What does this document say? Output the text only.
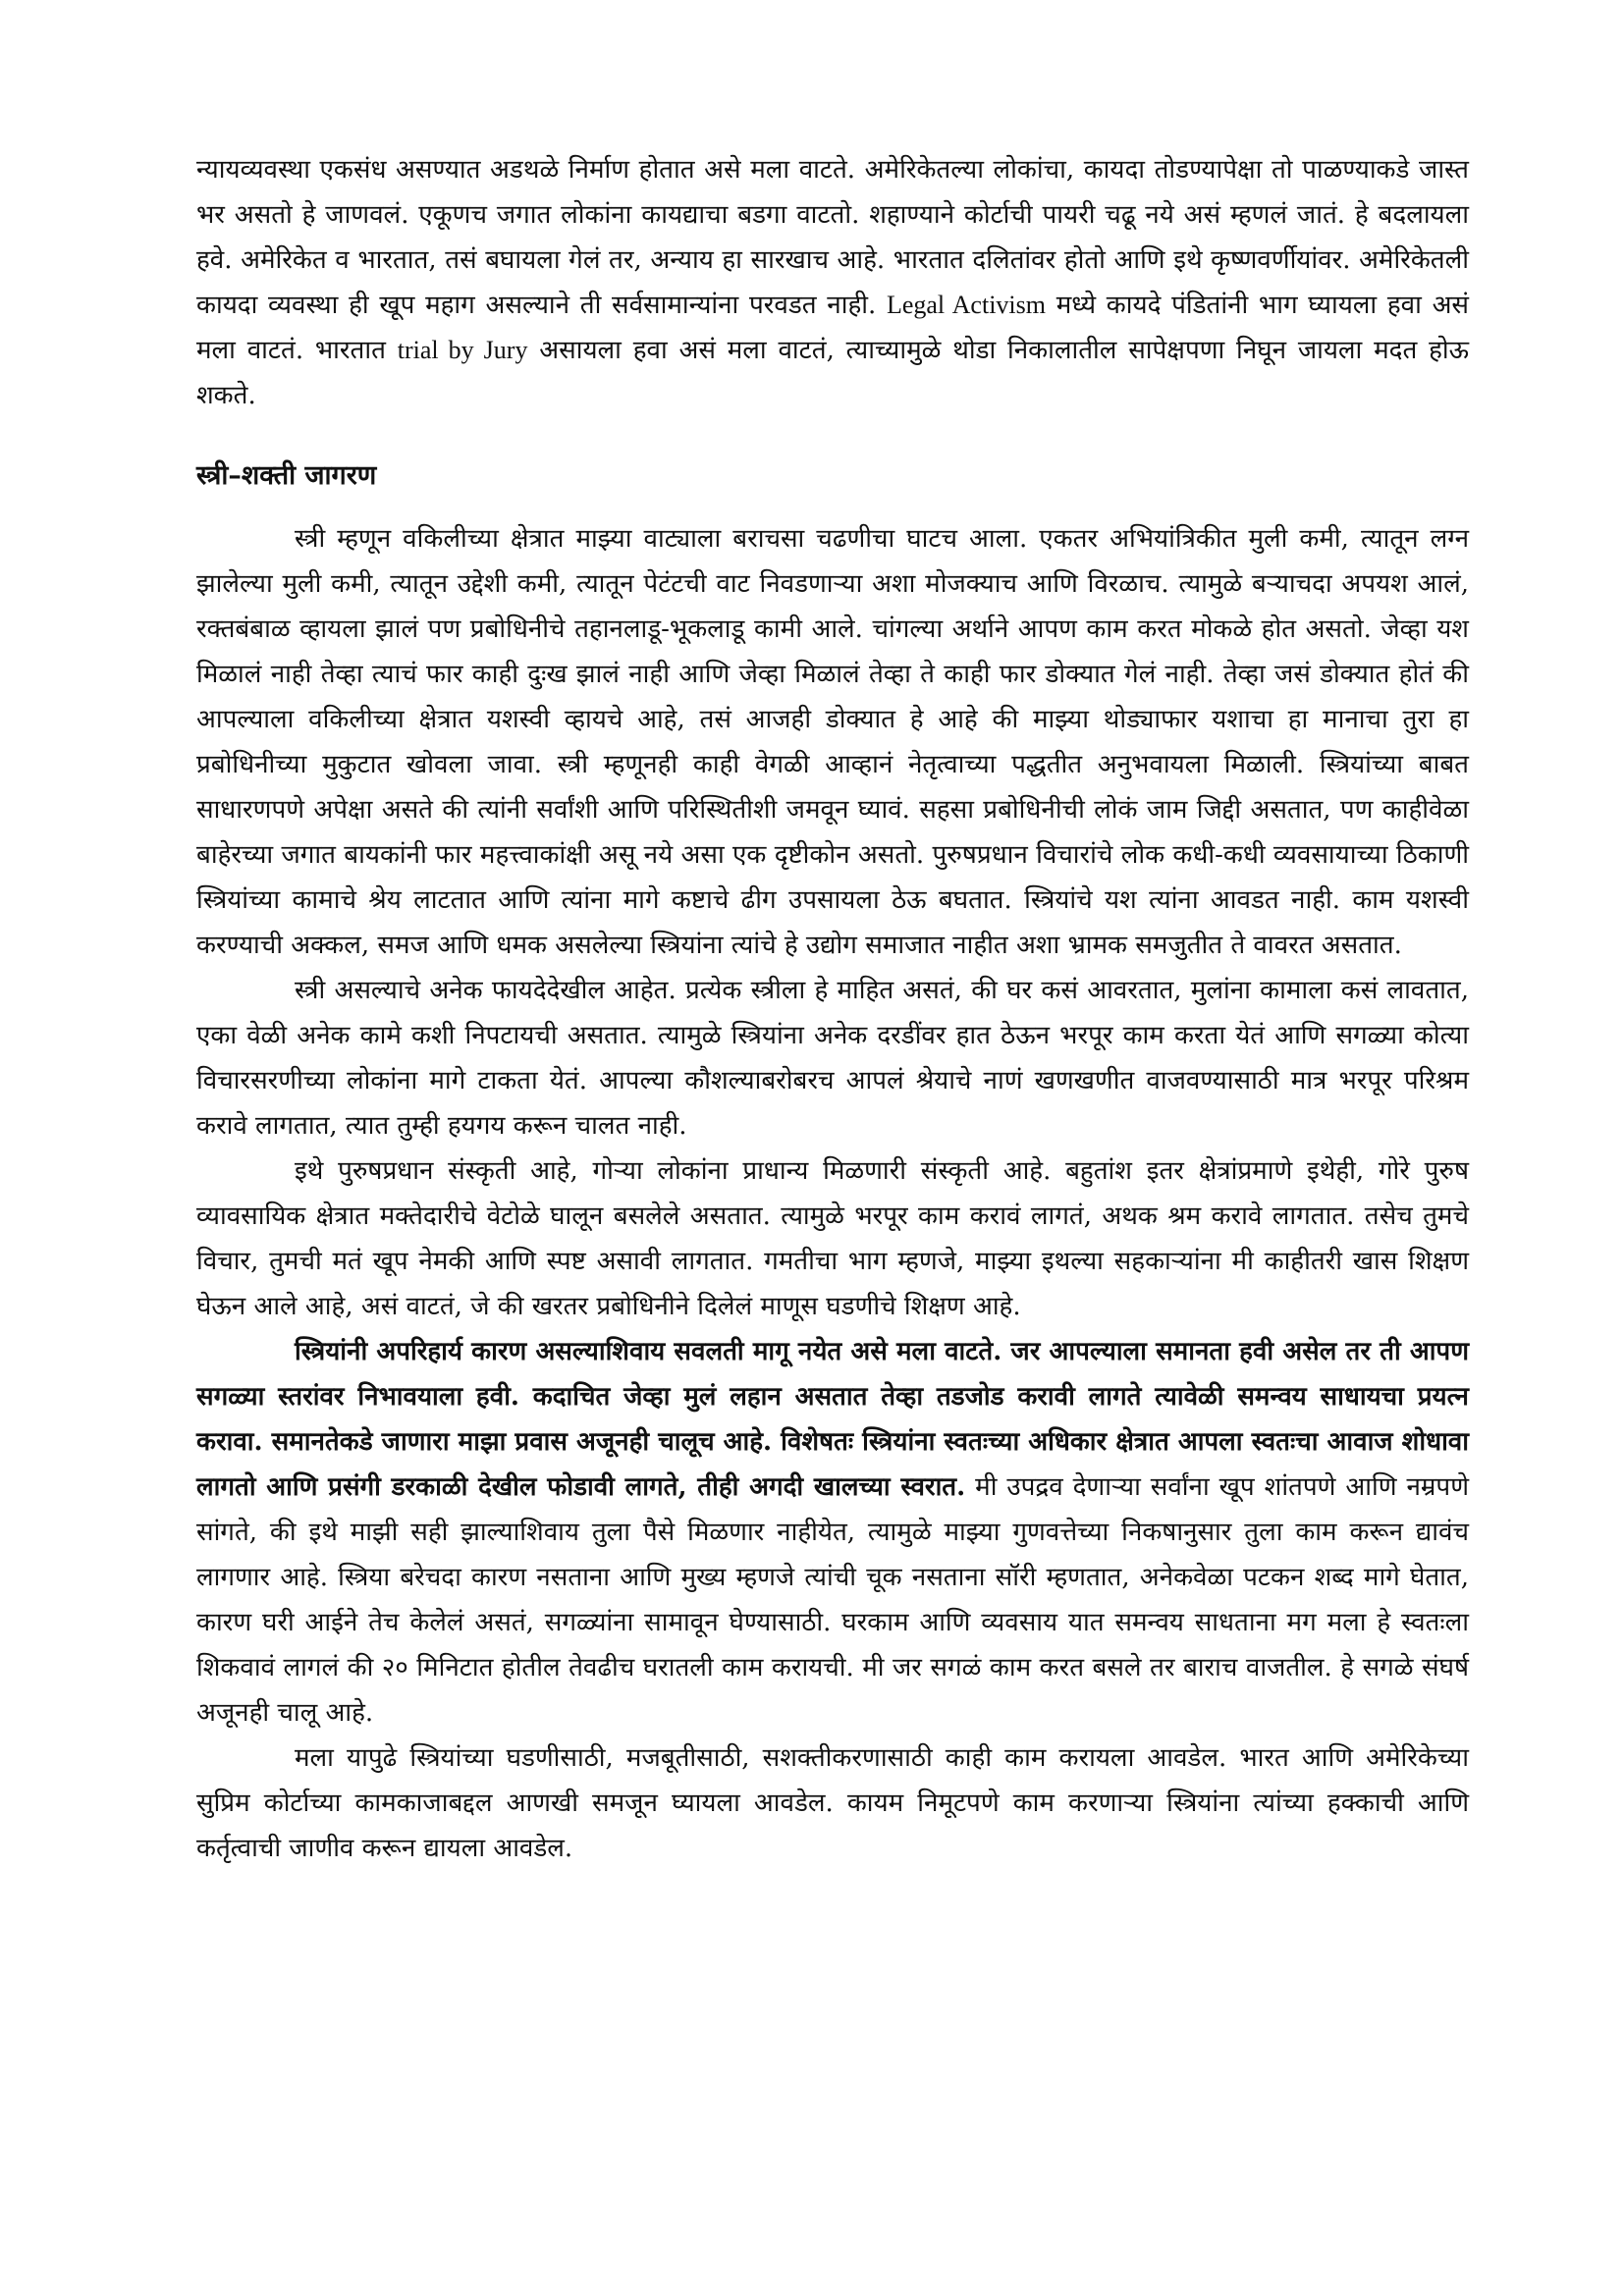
न्यायव्यवस्था एकसंध असण्यात अडथळे निर्माण होतात असे मला वाटते. अमेरिकेतल्या लोकांचा, कायदा तोडण्यापेक्षा तो पाळण्याकडे जास्त भर असतो हे जाणवलं. एकूणच जगात लोकांना कायद्याचा बडगा वाटतो. शहाण्याने कोर्टाची पायरी चढू नये असं म्हणलं जातं. हे बदलायला हवे. अमेरिकेत व भारतात, तसं बघायला गेलं तर, अन्याय हा सारखाच आहे. भारतात दलितांवर होतो आणि इथे कृष्णवर्णीयांवर. अमेरिकेतली कायदा व्यवस्था ही खूप महाग असल्याने ती सर्वसामान्यांना परवडत नाही. Legal Activism मध्ये कायदे पंडितांनी भाग घ्यायला हवा असं मला वाटतं. भारतात trial by Jury असायला हवा असं मला वाटतं, त्याच्यामुळे थोडा निकालातील सापेक्षपणा निघून जायला मदत होऊ शकते.

स्त्री–शक्ती जागरण

स्त्री म्हणून वकिलीच्या क्षेत्रात माझ्या वाट्याला बराचसा चढणीचा घाटच आला. एकतर अभियांत्रिकीत मुली कमी, त्यातून लग्न झालेल्या मुली कमी, त्यातून उद्देशी कमी, त्यातून पेटंटची वाट निवडणाऱ्या अशा मोजक्याच आणि विरळाच. त्यामुळे बऱ्याचदा अपयश आलं, रक्तबंबाळ व्हायला झालं पण प्रबोधिनीचे तहानलाडू-भूकलाडू कामी आले. चांगल्या अर्थाने आपण काम करत मोकळे होत असतो. जेव्हा यश मिळालं नाही तेव्हा त्याचं फार काही दुःख झालं नाही आणि जेव्हा मिळालं तेव्हा ते काही फार डोक्यात गेलं नाही. तेव्हा जसं डोक्यात होतं की आपल्याला वकिलीच्या क्षेत्रात यशस्वी व्हायचे आहे, तसं आजही डोक्यात हे आहे की माझ्या थोड्याफार यशाचा हा मानाचा तुरा हा प्रबोधिनीच्या मुकुटात खोवला जावा. स्त्री म्हणूनही काही वेगळी आव्हानं नेतृत्वाच्या पद्धतीत अनुभवायला मिळाली. स्त्रियांच्या बाबत साधारणपणे अपेक्षा असते की त्यांनी सर्वांशी आणि परिस्थितीशी जमवून घ्यावं. सहसा प्रबोधिनीची लोकं जाम जिद्दी असतात, पण काहीवेळा बाहेरच्या जगात बायकांनी फार महत्त्वाकांक्षी असू नये असा एक दृष्टीकोन असतो. पुरुषप्रधान विचारांचे लोक कधी-कधी व्यवसायाच्या ठिकाणी स्त्रियांच्या कामाचे श्रेय लाटतात आणि त्यांना मागे कष्टाचे ढीग उपसायला ठेऊ बघतात. स्त्रियांचे यश त्यांना आवडत नाही. काम यशस्वी करण्याची अक्कल, समज आणि धमक असलेल्या स्त्रियांना त्यांचे हे उद्योग समाजात नाहीत अशा भ्रामक समजुतीत ते वावरत असतात.

स्त्री असल्याचे अनेक फायदेदेखील आहेत. प्रत्येक स्त्रीला हे माहित असतं, की घर कसं आवरतात, मुलांना कामाला कसं लावतात, एका वेळी अनेक कामे कशी निपटायची असतात. त्यामुळे स्त्रियांना अनेक दरडींवर हात ठेऊन भरपूर काम करता येतं आणि सगळ्या कोत्या विचारसरणीच्या लोकांना मागे टाकता येतं. आपल्या कौशल्याबरोबरच आपलं श्रेयाचे नाणं खणखणीत वाजवण्यासाठी मात्र भरपूर परिश्रम करावे लागतात, त्यात तुम्ही हयगय करून चालत नाही.

इथे पुरुषप्रधान संस्कृती आहे, गोऱ्या लोकांना प्राधान्य मिळणारी संस्कृती आहे. बहुतांश इतर क्षेत्रांप्रमाणे इथेही, गोरे पुरुष व्यावसायिक क्षेत्रात मक्तेदारीचे वेटोळे घालून बसलेले असतात. त्यामुळे भरपूर काम करावं लागतं, अथक श्रम करावे लागतात. तसेच तुमचे विचार, तुमची मतं खूप नेमकी आणि स्पष्ट असावी लागतात. गमतीचा भाग म्हणजे, माझ्या इथल्या सहकाऱ्यांना मी काहीतरी खास शिक्षण घेऊन आले आहे, असं वाटतं, जे की खरतर प्रबोधिनीने दिलेलं माणूस घडणीचे शिक्षण आहे.

स्त्रियांनी अपरिहार्य कारण असल्याशिवाय सवलती मागू नयेत असे मला वाटते. जर आपल्याला समानता हवी असेल तर ती आपण सगळ्या स्तरांवर निभावयाला हवी. कदाचित जेव्हा मुलं लहान असतात तेव्हा तडजोड करावी लागते त्यावेळी समन्वय साधायचा प्रयत्न करावा. समानतेकडे जाणारा माझा प्रवास अजूनही चालूच आहे. विशेषतः स्त्रियांना स्वतःच्या अधिकार क्षेत्रात आपला स्वतःचा आवाज शोधावा लागतो आणि प्रसंगी डरकाळी देखील फोडावी लागते, तीही अगदी खालच्या स्वरात. मी उपद्रव देणाऱ्या सर्वांना खूप शांतपणे आणि नम्रपणे सांगते, की इथे माझी सही झाल्याशिवाय तुला पैसे मिळणार नाहीयेत, त्यामुळे माझ्या गुणवत्तेच्या निकषानुसार तुला काम करून द्यावंच लागणार आहे. स्त्रिया बरेचदा कारण नसताना आणि मुख्य म्हणजे त्यांची चूक नसताना सॉरी म्हणतात, अनेकवेळा पटकन शब्द मागे घेतात, कारण घरी आईने तेच केलेलं असतं, सगळ्यांना सामावून घेण्यासाठी. घरकाम आणि व्यवसाय यात समन्वय साधताना मग मला हे स्वतःला शिकवावं लागलं की २० मिनिटात होतील तेवढीच घरातली काम करायची. मी जर सगळं काम करत बसले तर बाराच वाजतील. हे सगळे संघर्ष अजूनही चालू आहे.

मला यापुढे स्त्रियांच्या घडणीसाठी, मजबूतीसाठी, सशक्तीकरणासाठी काही काम करायला आवडेल. भारत आणि अमेरिकेच्या सुप्रिम कोर्टाच्या कामकाजाबद्दल आणखी समजून घ्यायला आवडेल. कायम निमूटपणे काम करणाऱ्या स्त्रियांना त्यांच्या हक्काची आणि कर्तृत्वाची जाणीव करून द्यायला आवडेल.
